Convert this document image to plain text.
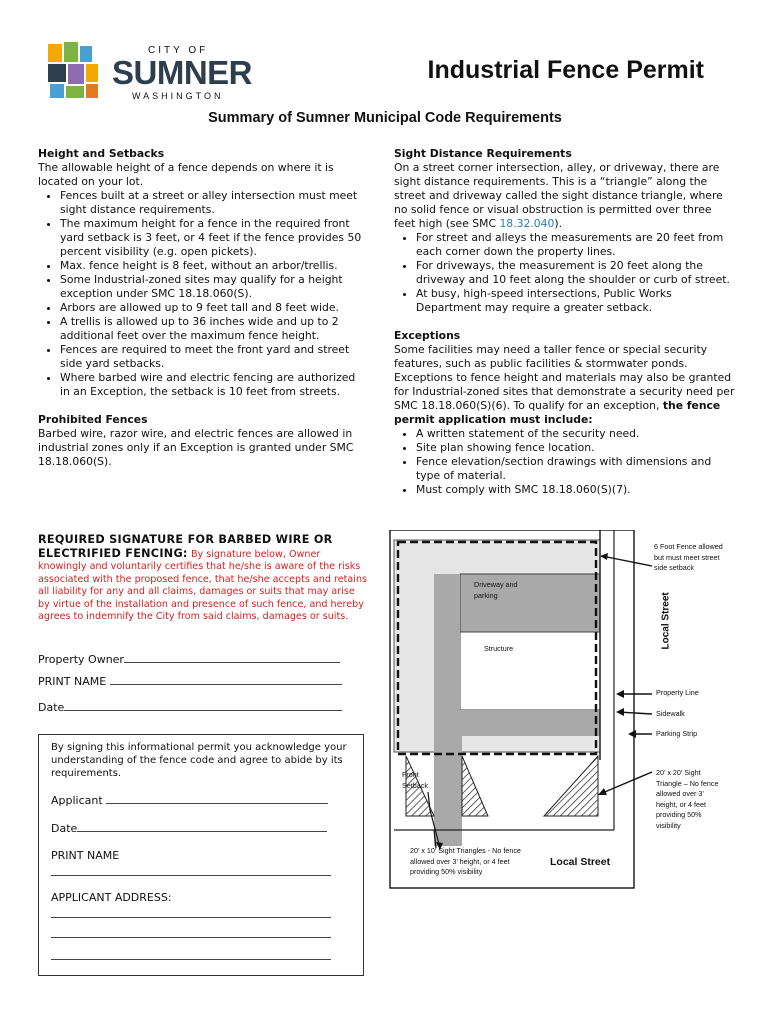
CITY OF
SUMNER
WASHINGTON
Industrial Fence Permit
Summary of Sumner Municipal Code Requirements
Height and Setbacks

The allowable height of a fence depends on where it is located on your lot.

• Fences built at a street or alley intersection must meet sight distance requirements.
• The maximum height for a fence in the required front yard setback is 3 feet, or 4 feet if the fence provides 50 percent visibility (e.g. open pickets).
• Max. fence height is 8 feet, without an arbor/trellis.
• Some Industrial-zoned sites may qualify for a height exception under SMC 18.18.060(S).
• Arbors are allowed up to 9 feet tall and 8 feet wide.
• A trellis is allowed up to 36 inches wide and up to 2 additional feet over the maximum fence height.
• Fences are required to meet the front yard and street side yard setbacks.
• Where barbed wire and electric fencing are authorized in an Exception, the setback is 10 feet from streets.
Prohibited Fences

Barbed wire, razor wire, and electric fences are allowed in industrial zones only if an Exception is granted under SMC 18.18.060(S).

Sight Distance Requirements

On a street corner intersection, alley, or driveway, there are sight distance requirements. This is a “triangle” along the street and driveway called the sight distance triangle, where no solid fence or visual obstruction is permitted over three feet high (see SMC 18.32.040).

• For street and alleys the measurements are 20 feet from each corner down the property lines.
• For driveways, the measurement is 20 feet along the driveway and 10 feet along the shoulder or curb of street.
• At busy, high-speed intersections, Public Works Department may require a greater setback.
Exceptions

Some facilities may need a taller fence or special security features, such as public facilities & stormwater ponds. Exceptions to fence height and materials may also be granted for Industrial-zoned sites that demonstrate a security need per SMC 18.18.060(S)(6). To qualify for an exception, the fence permit application must include:

• A written statement of the security need.
• Site plan showing fence location.
• Fence elevation/section drawings with dimensions and type of material.
• Must comply with SMC 18.18.060(S)(7).
REQUIRED SIGNATURE FOR BARBED WIRE OR ELECTRIFIED FENCING: By signature below, Owner knowingly and voluntarily certifies that he/she is aware of the risks associated with the proposed fence, that he/she accepts and retains all liability for any and all claims, damages or suits that may arise by virtue of the installation and presence of such fence, and hereby agrees to indemnify the City from said claims, damages or suits.
Property Owner
PRINT NAME
Date
By signing this informational permit you acknowledge your understanding of the fence code and agree to abide by its requirements.
Applicant
Date
PRINT NAME
APPLICANT ADDRESS:
6 Foot Fence allowed but must meet street side setback
Local Street
Driveway and parking
Structure
Property Line
Sidewalk
Parking Strip
20’ x 20’ Sight Triangle – No fence allowed over 3’ height, or 4 feet providing 50% visibility
Front Setback
20’ x 10’ Sight Triangles - No fence allowed over 3’ height, or 4 feet providing 50% visibility
Local Street
